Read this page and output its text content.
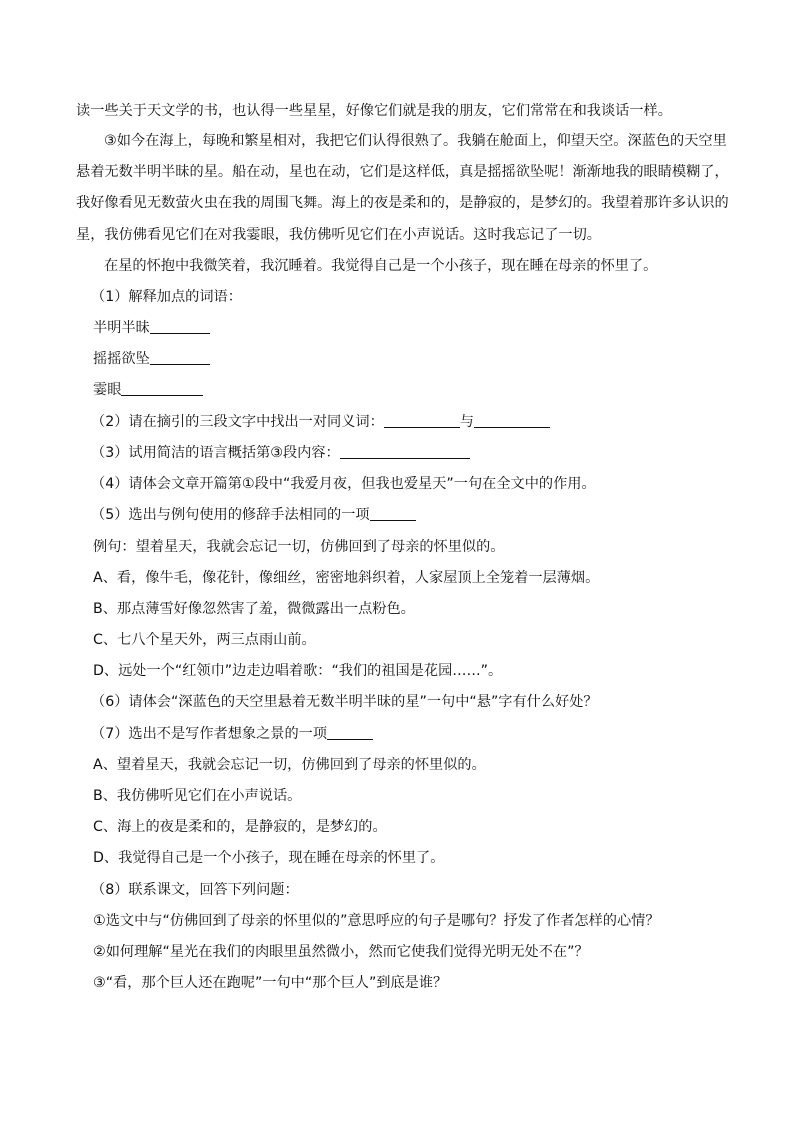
读一些关于天文学的书，也认得一些星星，好像它们就是我的朋友，它们常常在和我谈话一样。
③如今在海上，每晚和繁星相对，我把它们认得很熟了。我躺在舱面上，仰望天空。深蓝色的天空里
悬着无数半明半昧的星。船在动，星也在动，它们是这样低，真是摇摇欲坠呢！渐渐地我的眼睛模糊了，
我好像看见无数萤火虫在我的周围飞舞。海上的夜是柔和的，是静寂的，是梦幻的。我望着那许多认识的
星，我仿佛看见它们在对我霎眼，我仿佛听见它们在小声说话。这时我忘记了一切。
在星的怀抱中我微笑着，我沉睡着。我觉得自己是一个小孩子，现在睡在母亲的怀里了。
（1）解释加点的词语：
半明半昧
摇摇欲坠
霎眼
（2）请在摘引的三段文字中找出一对同义词：	与
（3）试用简洁的语言概括第③段内容：
（4）请体会文章开篇第①段中“我爱月夜，但我也爱星天”一句在全文中的作用。
（5）选出与例句使用的修辞手法相同的一项
例句：望着星天，我就会忘记一切，仿佛回到了母亲的怀里似的。
A、看，像牛毛，像花针，像细丝，密密地斜织着，人家屋顶上全笼着一层薄烟。
B、那点薄雪好像忽然害了羞，微微露出一点粉色。
C、七八个星天外，两三点雨山前。
D、远处一个“红领巾”边走边唱着歌：“我们的祖国是花园……”。
（6）请体会“深蓝色的天空里悬着无数半明半昧的星”一句中“悬”字有什么好处？
（7）选出不是写作者想象之景的一项
A、望着星天，我就会忘记一切，仿佛回到了母亲的怀里似的。
B、我仿佛听见它们在小声说话。
C、海上的夜是柔和的，是静寂的，是梦幻的。
D、我觉得自己是一个小孩子，现在睡在母亲的怀里了。
（8）联系课文，回答下列问题：
①选文中与“仿佛回到了母亲的怀里似的”意思呼应的句子是哪句？抒发了作者怎样的心情？
②如何理解“星光在我们的肉眼里虽然微小，然而它使我们觉得光明无处不在”？
③“看，那个巨人还在跑呢”一句中“那个巨人”到底是谁？
